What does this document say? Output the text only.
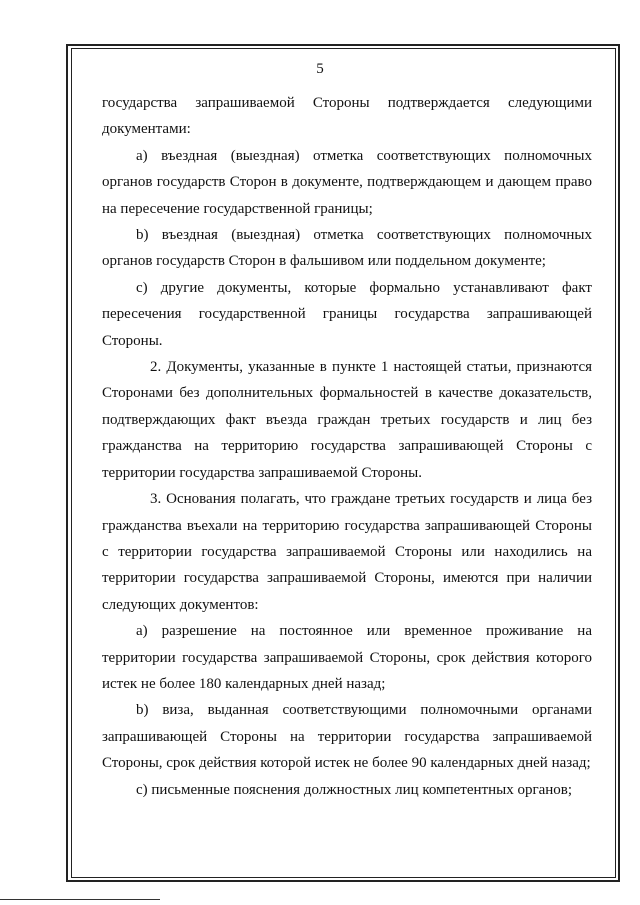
5

государства запрашиваемой Стороны подтверждается следующими документами:

а) въездная (выездная) отметка соответствующих полномочных органов государств Сторон в документе, подтверждающем и дающем право на пересечение государственной границы;

b) въездная (выездная) отметка соответствующих полномочных органов государств Сторон в фальшивом или поддельном документе;

с) другие документы, которые формально устанавливают факт пересечения государственной границы государства запрашивающей Стороны.

2. Документы, указанные в пункте 1 настоящей статьи, признаются Сторонами без дополнительных формальностей в качестве доказательств, подтверждающих факт въезда граждан третьих государств и лиц без гражданства на территорию государства запрашивающей Стороны с территории государства запрашиваемой Стороны.

3. Основания полагать, что граждане третьих государств и лица без гражданства въехали на территорию государства запрашивающей Стороны с территории государства запрашиваемой Стороны или находились на территории государства запрашиваемой Стороны, имеются при наличии следующих документов:

а) разрешение на постоянное или временное проживание на территории государства запрашиваемой Стороны, срок действия которого истек не более 180 календарных дней назад;

b) виза, выданная соответствующими полномочными органами запрашивающей Стороны на территории государства запрашиваемой Стороны, срок действия которой истек не более 90 календарных дней назад;

с) письменные пояснения должностных лиц компетентных органов;
